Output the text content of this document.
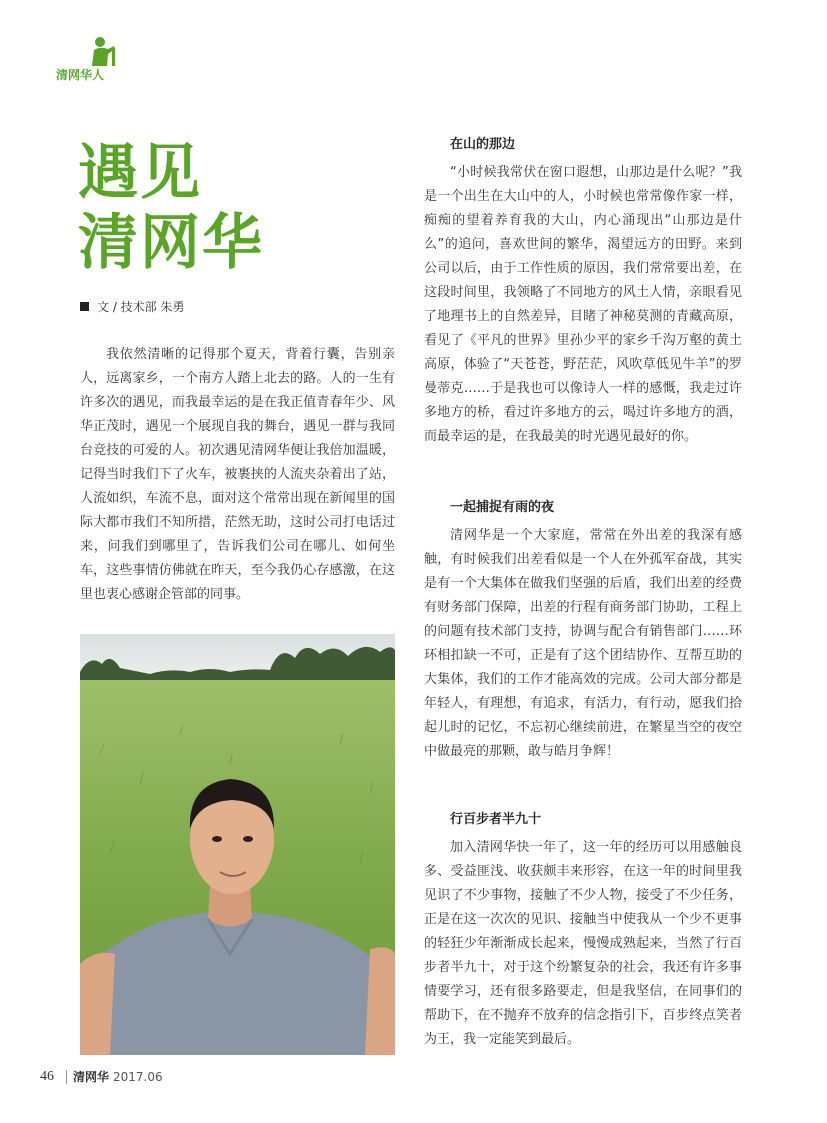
清网华人
遇见
清网华
文 / 技术部 朱勇

我依然清晰的记得那个夏天，背着行囊，告别亲人，远离家乡，一个南方人踏上北去的路。人的一生有许多次的遇见，而我最幸运的是在我正值青春年少、风华正茂时，遇见一个展现自我的舞台，遇见一群与我同台竞技的可爱的人。初次遇见清网华便让我倍加温暖，记得当时我们下了火车，被裹挟的人流夹杂着出了站，人流如织，车流不息，面对这个常常出现在新闻里的国际大都市我们不知所措，茫然无助，这时公司打电话过来，问我们到哪里了，告诉我们公司在哪儿、如何坐车，这些事情仿佛就在昨天，至今我仍心存感激，在这里也衷心感谢企管部的同事。

在山的那边

“小时候我常伏在窗口遐想，山那边是什么呢？”我是一个出生在大山中的人，小时候也常常像作家一样，痴痴的望着养育我的大山，内心涌现出“山那边是什么”的追问，喜欢世间的繁华，渴望远方的田野。来到公司以后，由于工作性质的原因，我们常常要出差，在这段时间里，我领略了不同地方的风土人情，亲眼看见了地理书上的自然差异，目睹了神秘莫测的青藏高原，看见了《平凡的世界》里孙少平的家乡千沟万壑的黄土高原，体验了“天苍苍，野茫茫，风吹草低见牛羊”的罗曼蒂克……于是我也可以像诗人一样的感慨，我走过许多地方的桥，看过许多地方的云，喝过许多地方的酒，而最幸运的是，在我最美的时光遇见最好的你。

一起捕捉有雨的夜

清网华是一个大家庭，常常在外出差的我深有感触，有时候我们出差看似是一个人在外孤军奋战，其实是有一个大集体在做我们坚强的后盾，我们出差的经费有财务部门保障，出差的行程有商务部门协助，工程上的问题有技术部门支持，协调与配合有销售部门……环环相扣缺一不可，正是有了这个团结协作、互帮互助的大集体，我们的工作才能高效的完成。公司大部分都是年轻人，有理想，有追求，有活力，有行动，愿我们拾起儿时的记忆，不忘初心继续前进，在繁星当空的夜空中做最亮的那颗，敢与皓月争辉！

行百步者半九十

加入清网华快一年了，这一年的经历可以用感触良多、受益匪浅、收获颇丰来形容，在这一年的时间里我见识了不少事物，接触了不少人物，接受了不少任务，正是在这一次次的见识、接触当中使我从一个少不更事的轻狂少年渐渐成长起来，慢慢成熟起来，当然了行百步者半九十，对于这个纷繁复杂的社会，我还有许多事情要学习，还有很多路要走，但是我坚信，在同事们的帮助下，在不抛弃不放弃的信念指引下，百步终点笑者为王，我一定能笑到最后。

46 清网华 2017.06
